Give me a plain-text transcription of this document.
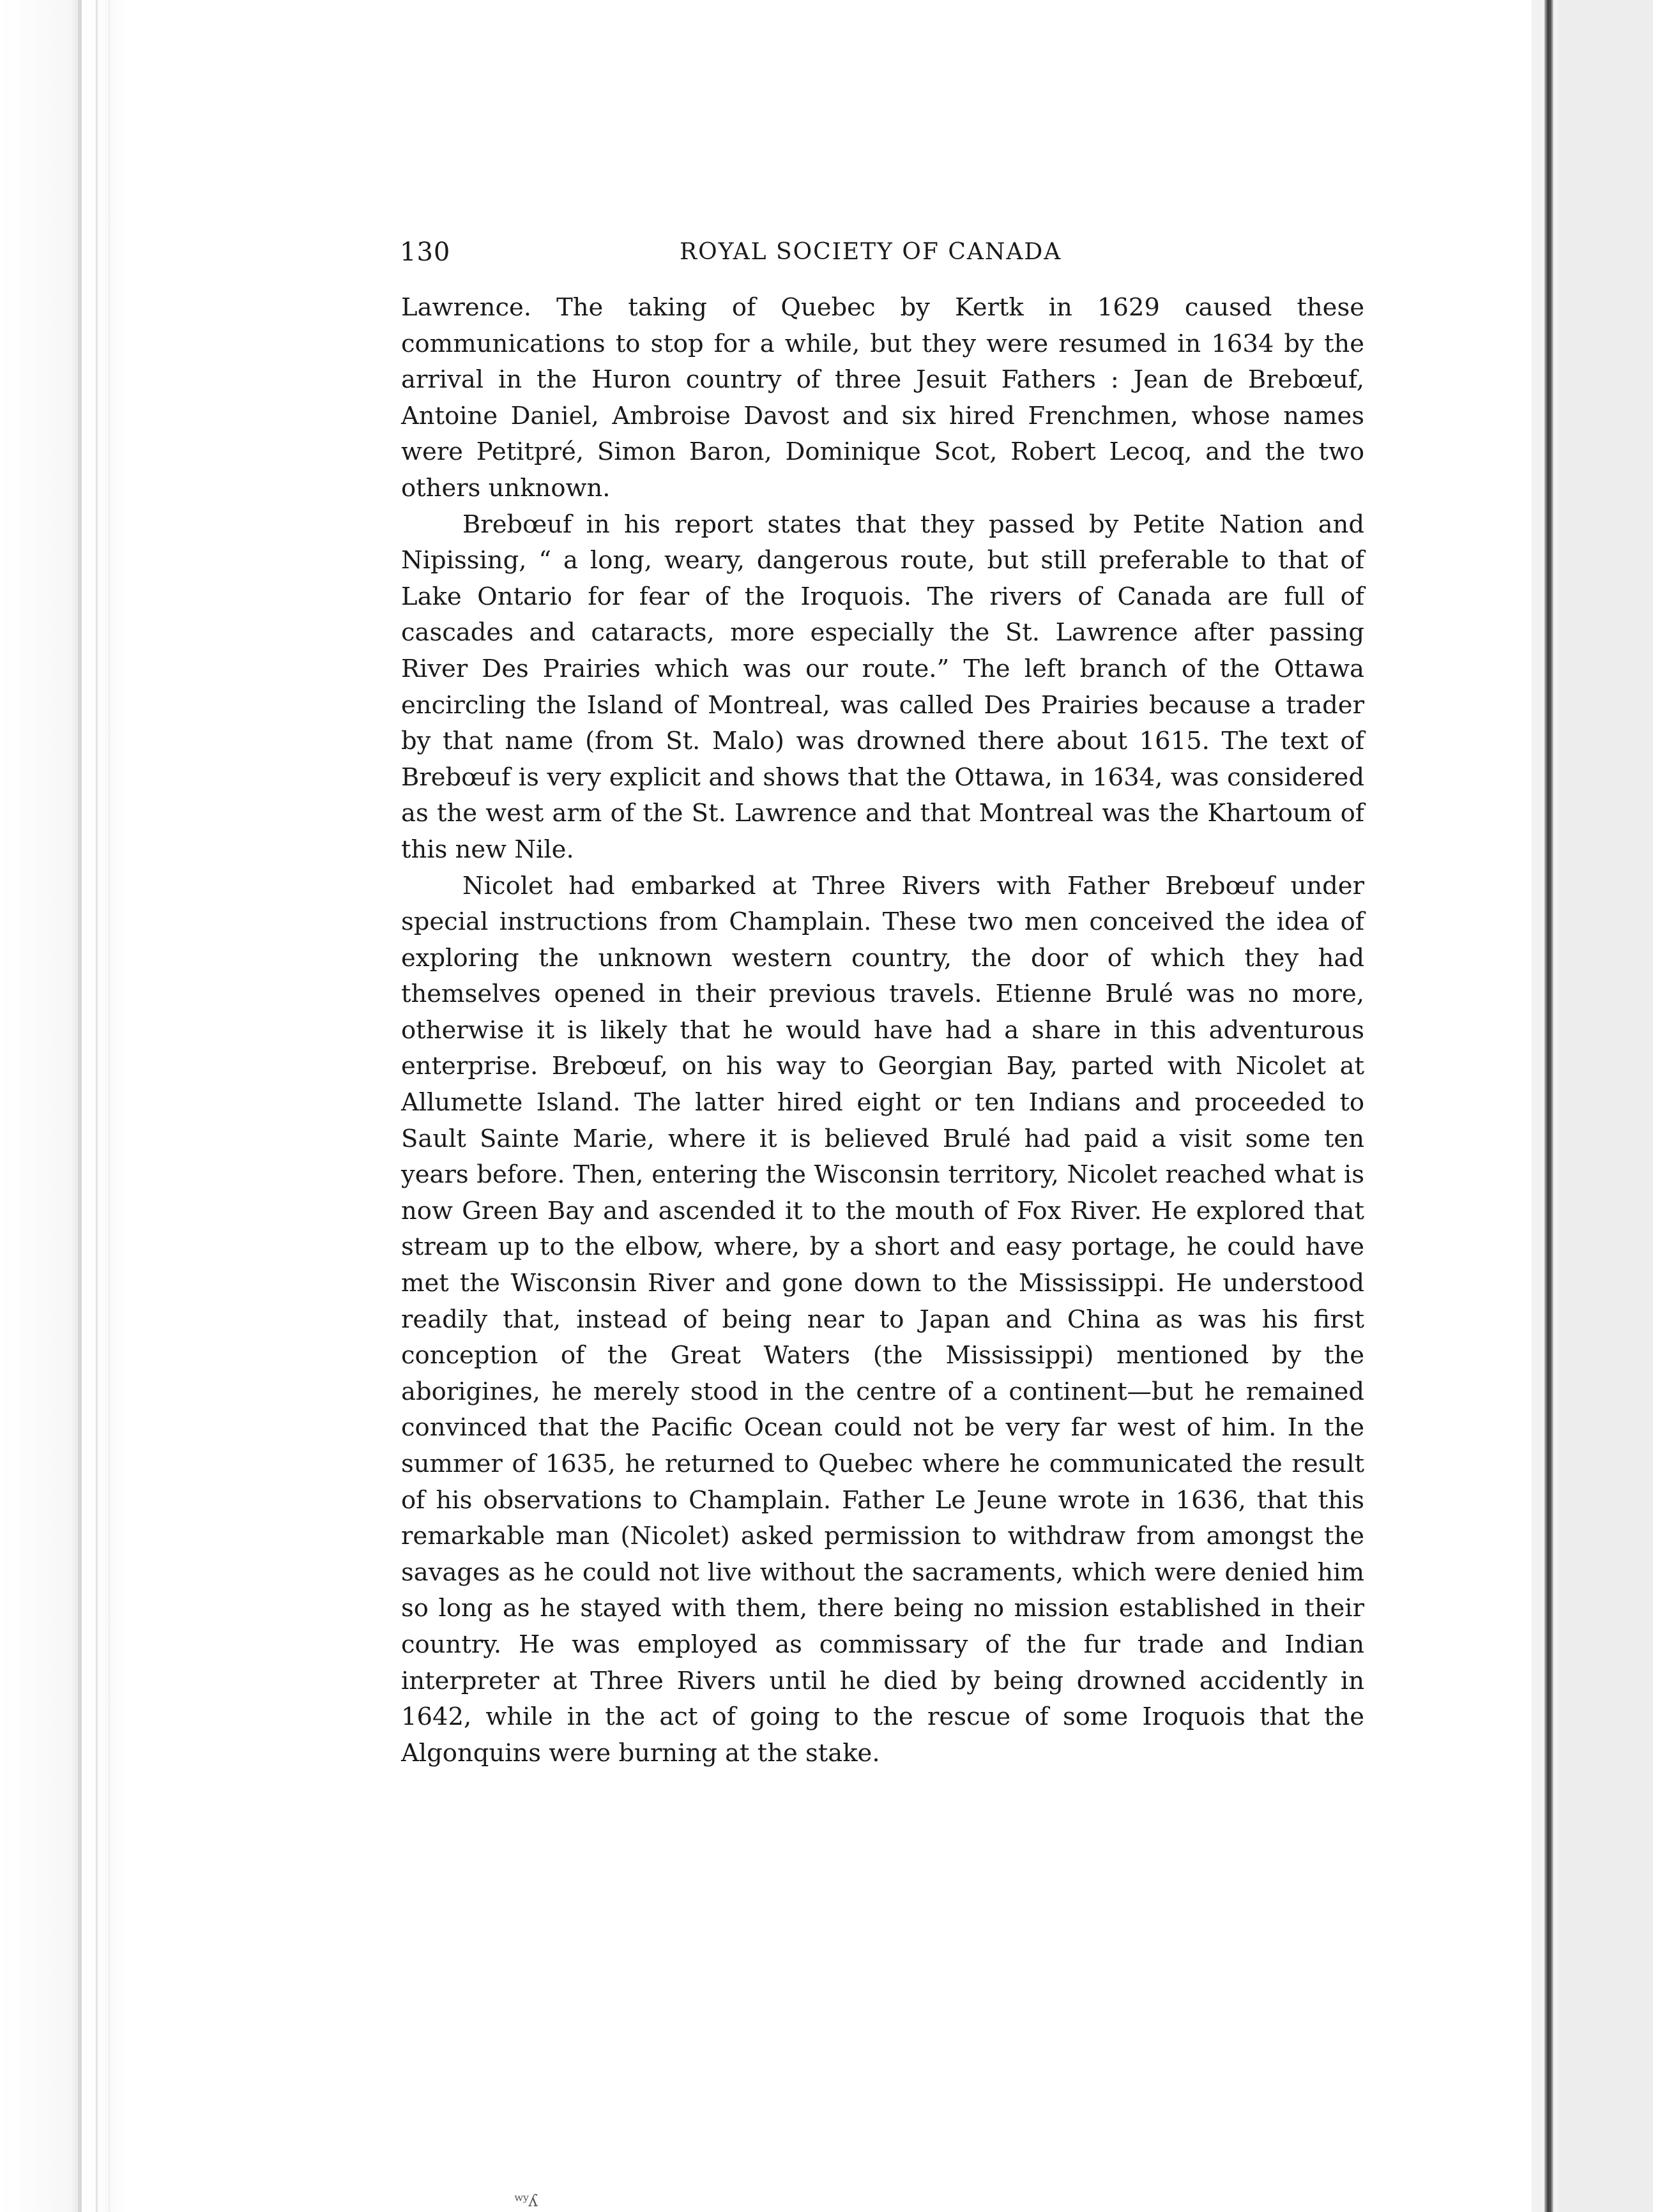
ʷʸʎ
130	ROYAL SOCIETY OF CANADA

Lawrence. The taking of Quebec by Kertk in 1629 caused these communications to stop for a while, but they were resumed in 1634 by the arrival in the Huron country of three Jesuit Fathers : Jean de Brebœuf, Antoine Daniel, Ambroise Davost and six hired Frenchmen, whose names were Petitpré, Simon Baron, Dominique Scot, Robert Lecoq, and the two others unknown.

Brebœuf in his report states that they passed by Petite Nation and Nipissing, “ a long, weary, dangerous route, but still preferable to that of Lake Ontario for fear of the Iroquois. The rivers of Canada are full of cascades and cataracts, more especially the St. Lawrence after passing River Des Prairies which was our route.” The left branch of the Ottawa encircling the Island of Montreal, was called Des Prairies because a trader by that name (from St. Malo) was drowned there about 1615. The text of Brebœuf is very explicit and shows that the Ottawa, in 1634, was considered as the west arm of the St. Lawrence and that Montreal was the Khartoum of this new Nile.

Nicolet had embarked at Three Rivers with Father Brebœuf under special instructions from Champlain. These two men conceived the idea of exploring the unknown western country, the door of which they had themselves opened in their previous travels. Etienne Brulé was no more, otherwise it is likely that he would have had a share in this adventurous enterprise. Brebœuf, on his way to Georgian Bay, parted with Nicolet at Allumette Island. The latter hired eight or ten Indians and proceeded to Sault Sainte Marie, where it is believed Brulé had paid a visit some ten years before. Then, entering the Wisconsin territory, Nicolet reached what is now Green Bay and ascended it to the mouth of Fox River. He explored that stream up to the elbow, where, by a short and easy portage, he could have met the Wisconsin River and gone down to the Mississippi. He understood readily that, instead of being near to Japan and China as was his first conception of the Great Waters (the Mississippi) mentioned by the aborigines, he merely stood in the centre of a continent—but he remained convinced that the Pacific Ocean could not be very far west of him. In the summer of 1635, he returned to Quebec where he communicated the result of his observations to Champlain. Father Le Jeune wrote in 1636, that this remarkable man (Nicolet) asked permission to withdraw from amongst the savages as he could not live without the sacraments, which were denied him so long as he stayed with them, there being no mission established in their country. He was employed as commissary of the fur trade and Indian interpreter at Three Rivers until he died by being drowned accidently in 1642, while in the act of going to the rescue of some Iroquois that the Algonquins were burning at the stake.
